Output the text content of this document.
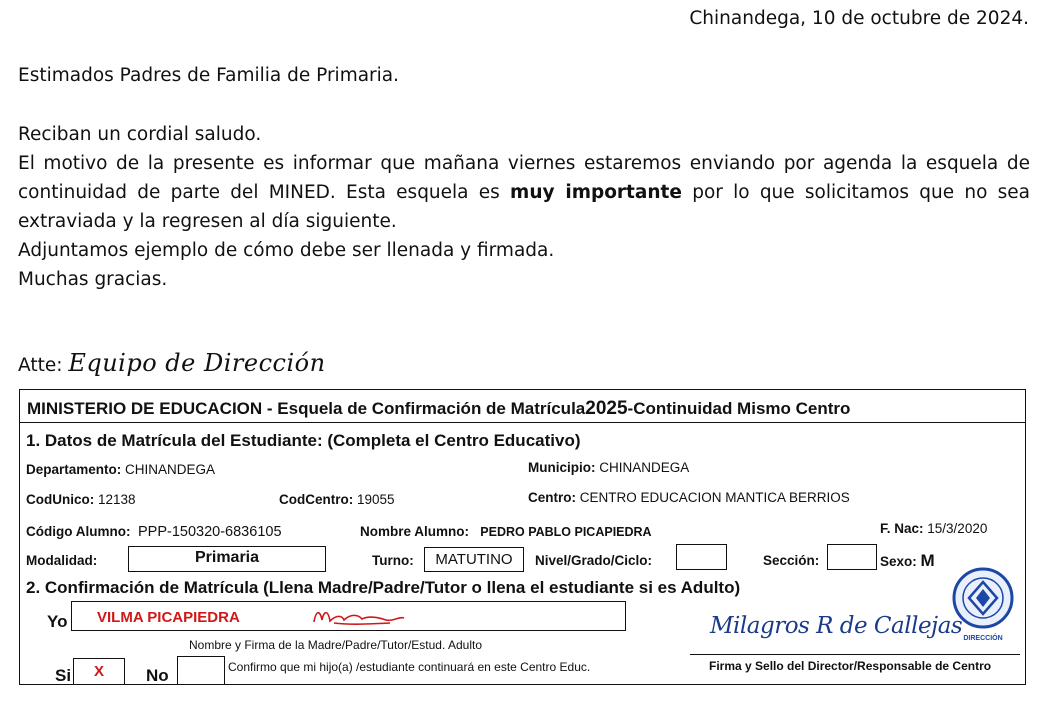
Chinandega, 10 de octubre de 2024.
Estimados Padres de Familia de Primaria.
Reciban un cordial saludo.
El motivo de la presente es informar que mañana viernes estaremos enviando por agenda la esquela de continuidad de parte del MINED. Esta esquela es muy importante por lo que solicitamos que no sea extraviada y la regresen al día siguiente.
Adjuntamos ejemplo de cómo debe ser llenada y firmada.
Muchas gracias.
Atte: Equipo de Dirección
MINISTERIO DE EDUCACION - Esquela de Confirmación de Matrícula2025-Continuidad Mismo Centro
1. Datos de Matrícula del Estudiante: (Completa el Centro Educativo)
Departamento: CHINANDEGA	Municipio: CHINANDEGA
CodUnico: 12138	CodCentro: 19055	Centro: CENTRO EDUCACION MANTICA BERRIOS
Código Alumno: PPP-150320-6836105	Nombre Alumno: PEDRO PABLO PICAPIEDRA	F. Nac: 15/3/2020
Modalidad:	Primaria	Turno:	MATUTINO	Nivel/Grado/Ciclo:	Sección:	Sexo: M
2. Confirmación de Matrícula (Llena Madre/Padre/Tutor o llena el estudiante si es Adulto)
Yo VILMA PICAPIEDRA
Nombre y Firma de la Madre/Padre/Tutor/Estud. Adulto
Si	X	No	Confirmo que mi hijo(a) /estudiante continuará en este Centro Educ.
Milagros R de Callejas
Firma y Sello del Director/Responsable de Centro
DIRECCIÓN
